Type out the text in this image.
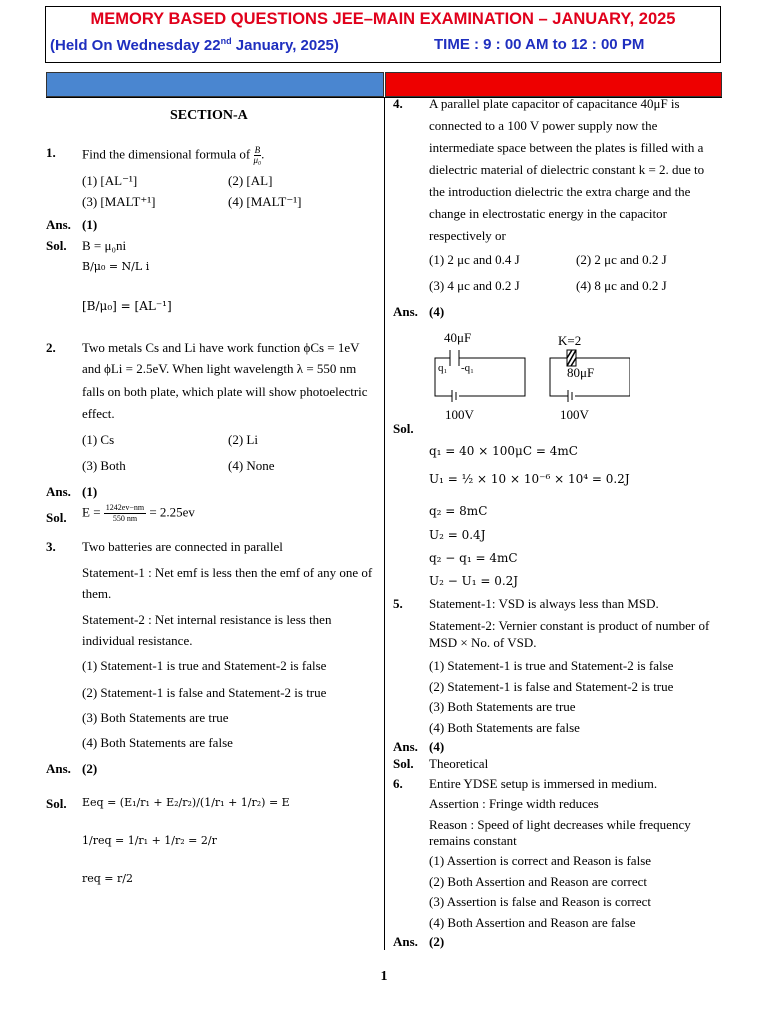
MEMORY BASED QUESTIONS JEE–MAIN EXAMINATION – JANUARY, 2025
(Held On Wednesday 22nd January, 2025)	TIME : 9 : 00 AM to 12 : 00 PM
SECTION-A
1. Find the dimensional formula of $\frac{B}{\text{μ₀}}$ .
(1) [AL⁻¹]	(2) [AL]
(3) [MALT⁺¹]	(4) [MALT⁻¹]
Ans. (1)
Sol. B = μ₀ni
B/μ₀ = N/L i
[B/μ₀] = [AL⁻¹]
2. Two metals Cs and Li have work function ϕCs = 1eV
and ϕLi = 2.5eV. When light wavelength λ = 550 nm
falls on both plate, which plate will show photoelectric
effect.
(1) Cs	(2) Li
(3) Both	(4) None
Ans. (1)
Sol. $E = \frac{1242ev-nm}{550 nm} = 2.25ev$
3. Two batteries are connected in parallel
Statement-1 : Net emf is less then the emf of any one of
them.
Statement-2 : Net internal resistance is less then
individual resistance.
(1) Statement-1 is true and Statement-2 is false
(2) Statement-1 is false and Statement-2 is true
(3) Both Statements are true
(4) Both Statements are false
Ans. (2)
Sol. Eeq = (E₁/r₁ + E₂/r₂)/(1/r₁ + 1/r₂) = E
1/req = 1/r₁ + 1/r₂ = 2/r
req = r/2
4. A parallel plate capacitor of capacitance 40μF is
connected to a 100 V power supply now the
intermediate space between the plates is filled with a
dielectric material of dielectric constant k = 2. due to
the introduction dielectric the extra charge and the
change in electrostatic energy in the capacitor
respectively or
(1) 2 μc and 0.4 J	(2) 2 μc and 0.2 J
(3) 4 μc and 0.2 J	(4) 8 μc and 0.2 J
Ans. (4)
40μF
q₁ -q₁
100V
K=2
80μF
100V
Sol.
q₁ = 40 × 100μC = 4mC
U₁ = ½ × 10 × 10⁻⁶ × 10⁴ = 0.2J
q₂ = 8mC
U₂ = 0.4J
q₂ − q₁ = 4mC
U₂ − U₁ = 0.2J
5. Statement-1: VSD is always less than MSD.
Statement-2: Vernier constant is product of number of
MSD × No. of VSD.
(1) Statement-1 is true and Statement-2 is false
(2) Statement-1 is false and Statement-2 is true
(3) Both Statements are true
(4) Both Statements are false
Ans. (4)
Sol. Theoretical
6. Entire YDSE setup is immersed in medium.
Assertion : Fringe width reduces
Reason : Speed of light decreases while frequency
remains constant
(1) Assertion is correct and Reason is false
(2) Both Assertion and Reason are correct
(3) Assertion is false and Reason is correct
(4) Both Assertion and Reason are false
Ans. (2)
1
